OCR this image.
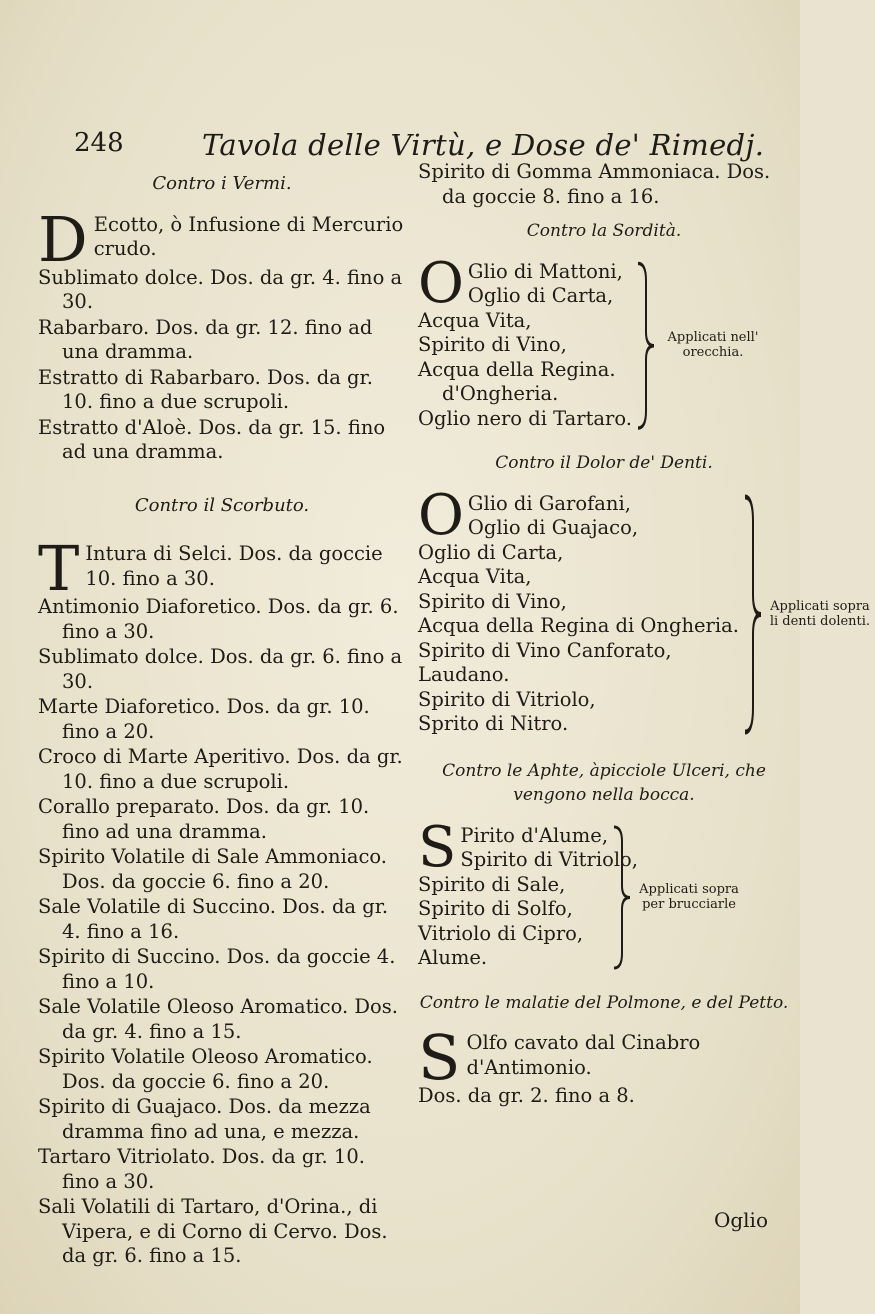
248	Tavola delle Virtù, e Dose de' Rimedj.
Contro i Vermi.
D Ecotto, ò Infusione di Mercurio crudo.
Sublimato dolce. Dos. da gr. 4. fino a 30.
Rabarbaro. Dos. da gr. 12. fino ad una dramma.
Estratto di Rabarbaro. Dos. da gr. 10. fino a due scrupoli.
Estratto d'Aloè. Dos. da gr. 15. fino ad una dramma.
Contro il Scorbuto.
T Intura di Selci. Dos. da goccie 10. fino a 30.
Antimonio Diaforetico. Dos. da gr. 6. fino a 30.
Sublimato dolce. Dos. da gr. 6. fino a 30.
Marte Diaforetico. Dos. da gr. 10. fino a 20.
Croco di Marte Aperitivo. Dos. da gr. 10. fino a due scrupoli.
Corallo preparato. Dos. da gr. 10. fino ad una dramma.
Spirito Volatile di Sale Ammoniaco. Dos. da goccie 6. fino a 20.
Sale Volatile di Succino. Dos. da gr. 4. fino a 16.
Spirito di Succino. Dos. da goccie 4. fino a 10.
Sale Volatile Oleoso Aromatico. Dos. da gr. 4. fino a 15.
Spirito Volatile Oleoso Aromatico. Dos. da goccie 6. fino a 20.
Spirito di Guajaco. Dos. da mezza dramma fino ad una, e mezza.
Tartaro Vitriolato. Dos. da gr. 10. fino a 30.
Sali Volatili di Tartaro, d'Orina., di Vipera, e di Corno di Cervo. Dos. da gr. 6. fino a 15.
Spirito di Gomma Ammoniaca. Dos. da goccie 8. fino a 16.
Contro la Sordità.
O Glio di Mattoni,
Oglio di Carta,
Acqua Vita,
Spirito di Vino,
Acqua della Regina.
d'Ongheria.
Oglio nero di Tartaro.
Applicati nell' orecchia.
Contro il Dolor de' Denti.
O Glio di Garofani,
Oglio di Guajaco,
Oglio di Carta,
Acqua Vita,
Spirito di Vino,
Acqua della Regina di Ongheria.
Spirito di Vino Canforato,
Laudano.
Spirito di Vitriolo,
Sprito di Nitro.
Applicati sopra li denti dolenti.
Contro le Aphte, àpicciole Ulceri, che vengono nella bocca.
S Pirito d'Alume,
Spirito di Vitriolo,
Spirito di Sale,
Spirito di Solfo,
Vitriolo di Cipro,
Alume.
Applicati sopra per brucciarle
Contro le malatie del Polmone, e del Petto.
S Olfo cavato dal Cinabro d'Antimonio.
Dos. da gr. 2. fino a 8.
Oglio
